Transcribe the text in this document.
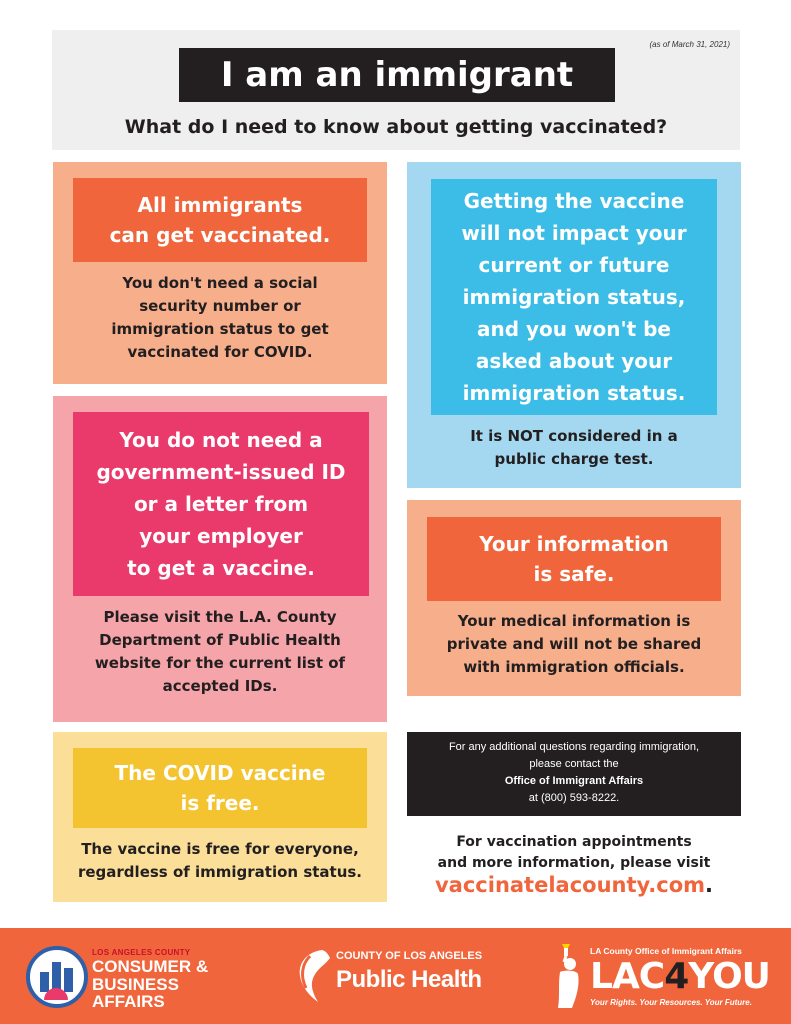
(as of March 31, 2021)
I am an immigrant
What do I need to know about getting vaccinated?
All immigrants
can get vaccinated.
You don't need a social
security number or
immigration status to get
vaccinated for COVID.
You do not need a
government-issued ID
or a letter from
your employer
to get a vaccine.
Please visit the L.A. County
Department of Public Health
website for the current list of
accepted IDs.
The COVID vaccine
is free.
The vaccine is free for everyone,
regardless of immigration status.
Getting the vaccine
will not impact your
current or future
immigration status,
and you won't be
asked about your
immigration status.
It is NOT considered in a
public charge test.
Your information
is safe.
Your medical information is
private and will not be shared
with immigration officials.
For any additional questions regarding immigration,
please contact the
Office of Immigrant Affairs
at (800) 593-8222.
For vaccination appointments
and more information, please visit
vaccinatelacounty.com.
LOS ANGELES COUNTY
CONSUMER &
BUSINESS AFFAIRS
COUNTY OF LOS ANGELES
Public Health
LA County Office of Immigrant Affairs
LAC4YOU
Your Rights. Your Resources. Your Future.
